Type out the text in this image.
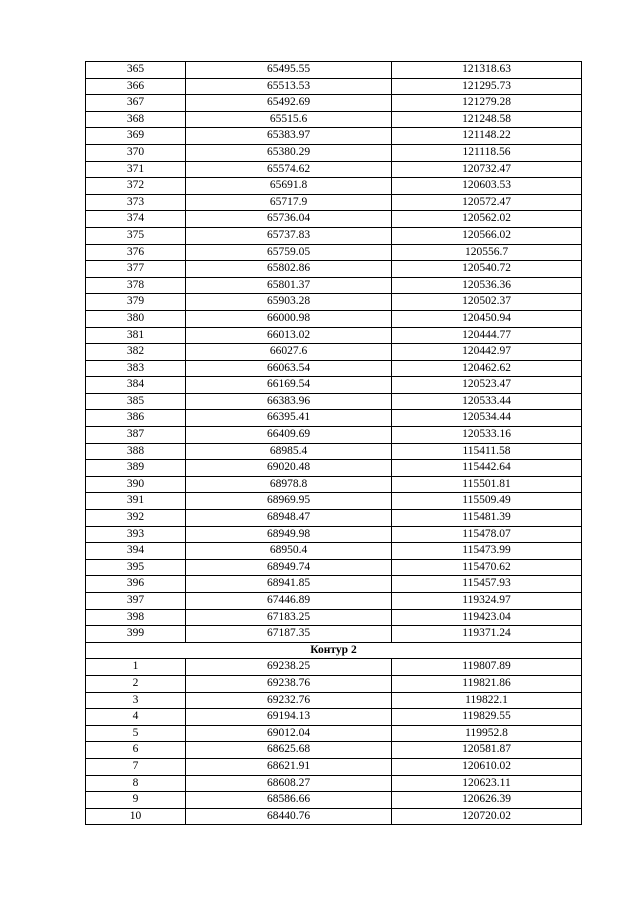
365	65495.55	121318.63
366	65513.53	121295.73
367	65492.69	121279.28
368	65515.6	121248.58
369	65383.97	121148.22
370	65380.29	121118.56
371	65574.62	120732.47
372	65691.8	120603.53
373	65717.9	120572.47
374	65736.04	120562.02
375	65737.83	120566.02
376	65759.05	120556.7
377	65802.86	120540.72
378	65801.37	120536.36
379	65903.28	120502.37
380	66000.98	120450.94
381	66013.02	120444.77
382	66027.6	120442.97
383	66063.54	120462.62
384	66169.54	120523.47
385	66383.96	120533.44
386	66395.41	120534.44
387	66409.69	120533.16
388	68985.4	115411.58
389	69020.48	115442.64
390	68978.8	115501.81
391	68969.95	115509.49
392	68948.47	115481.39
393	68949.98	115478.07
394	68950.4	115473.99
395	68949.74	115470.62
396	68941.85	115457.93
397	67446.89	119324.97
398	67183.25	119423.04
399	67187.35	119371.24
Контур 2		
1	69238.25	119807.89
2	69238.76	119821.86
3	69232.76	119822.1
4	69194.13	119829.55
5	69012.04	119952.8
6	68625.68	120581.87
7	68621.91	120610.02
8	68608.27	120623.11
9	68586.66	120626.39
10	68440.76	120720.02
